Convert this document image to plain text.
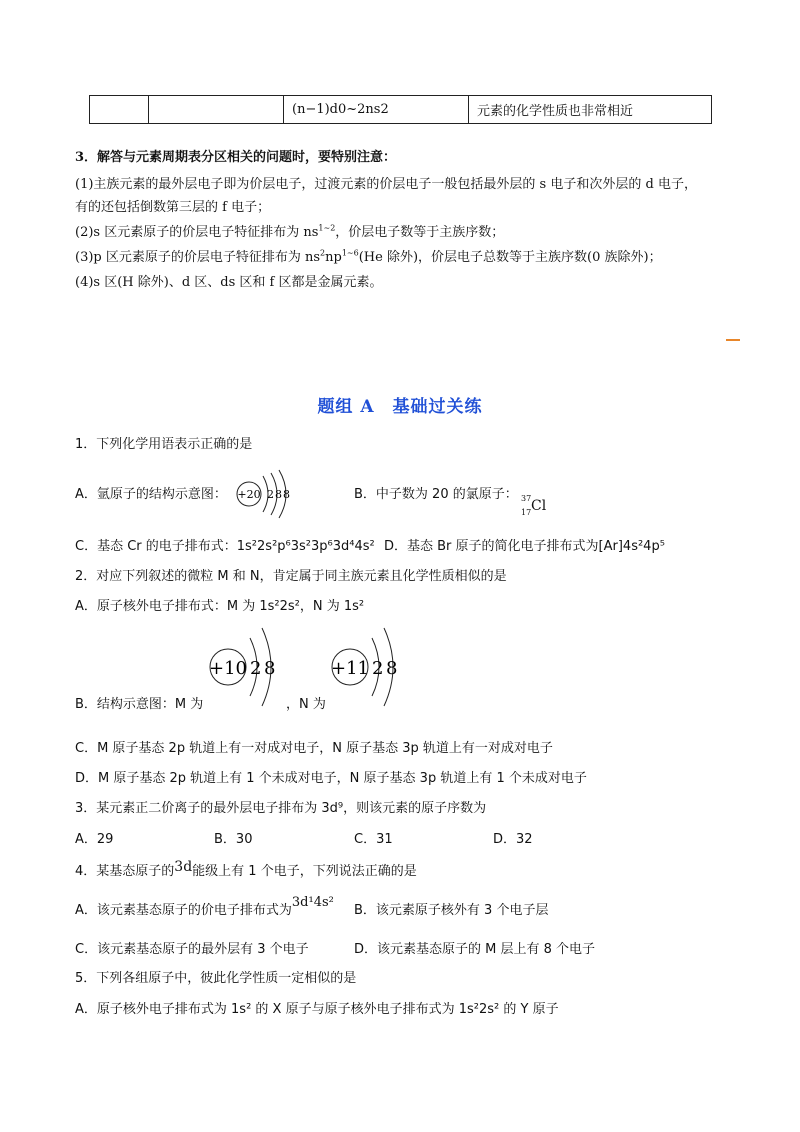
		(n−1)d0~2ns2	元素的化学性质也非常相近
3．解答与元素周期表分区相关的问题时，要特别注意：
(1)主族元素的最外层电子即为价层电子，过渡元素的价层电子一般包括最外层的 s 电子和次外层的 d 电子，
有的还包括倒数第三层的 f 电子；
(2)s 区元素原子的价层电子特征排布为 $ns^{1\sim 2}$，价层电子数等于主族序数；
(3)p 区元素原子的价层电子特征排布为 $ns^2np^{1\sim 6}(He$ 除外)，价层电子总数等于主族序数(0 族除外)；
(4)s 区(H 除外)、d 区、ds 区和 f 区都是金属元素。
题组 A　基础过关练
1．下列化学用语表示正确的是
A．氩原子的结构示意图： +20 2 8 8	B．中子数为 20 的氯原子： 37
17 Cl
C．基态 Cr 的电子排布式：1s²2s²p⁶3s²3p⁶3d⁴4s² D．基态 Br 原子的简化电子排布式为[Ar]4s²4p⁵
2．对应下列叙述的微粒 M 和 N，肯定属于同主族元素且化学性质相似的是
A．原子核外电子排布式：M 为 1s²2s²，N 为 1s²
+10 2 8	+11 2 8
B．结构示意图：M 为	，N 为
C．M 原子基态 2p 轨道上有一对成对电子，N 原子基态 3p 轨道上有一对成对电子
D．M 原子基态 2p 轨道上有 1 个未成对电子，N 原子基态 3p 轨道上有 1 个未成对电子
3．某元素正二价离子的最外层电子排布为 3d⁹，则该元素的原子序数为
A．29	B．30	C．31	D．32
4．某基态原子的3d能级上有 1 个电子，下列说法正确的是
A．该元素基态原子的价电子排布式为3d¹4s²
B．该元素原子核外有 3 个电子层
C．该元素基态原子的最外层有 3 个电子	D．该元素基态原子的 M 层上有 8 个电子
5．下列各组原子中，彼此化学性质一定相似的是
A．原子核外电子排布式为 1s² 的 X 原子与原子核外电子排布式为 1s²2s² 的 Y 原子
